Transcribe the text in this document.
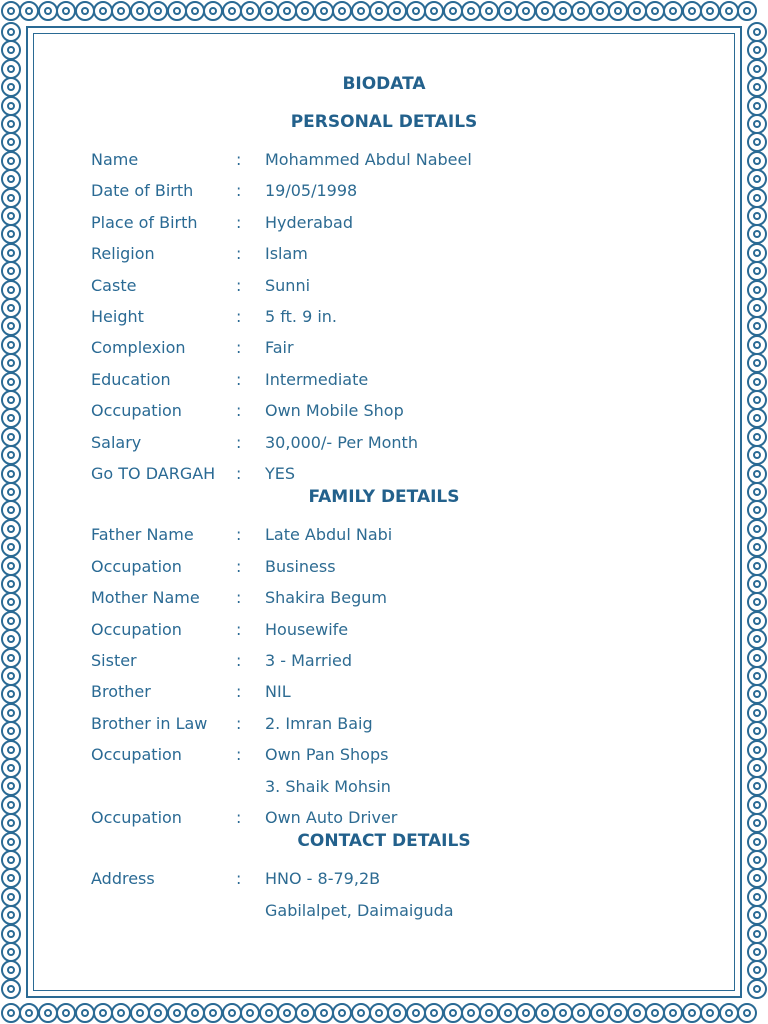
BIODATA
PERSONAL DETAILS
Name	: Mohammed Abdul Nabeel
Date of Birth	: 19/05/1998
Place of Birth	: Hyderabad
Religion	: Islam
Caste	: Sunni
Height	: 5 ft. 9 in.
Complexion	: Fair
Education	: Intermediate
Occupation	: Own Mobile Shop
Salary	: 30,000/- Per Month
Go TO DARGAH	: YES
FAMILY DETAILS
Father Name	: Late Abdul Nabi
Occupation	: Business
Mother Name	: Shakira Begum
Occupation	: Housewife
Sister	: 3 - Married
Brother	: NIL
Brother in Law	: 2. Imran Baig
Occupation	: Own Pan Shops
3. Shaik Mohsin
Occupation	: Own Auto Driver
CONTACT DETAILS
Address	: HNO - 8-79,2B
Gabilalpet, Daimaiguda
